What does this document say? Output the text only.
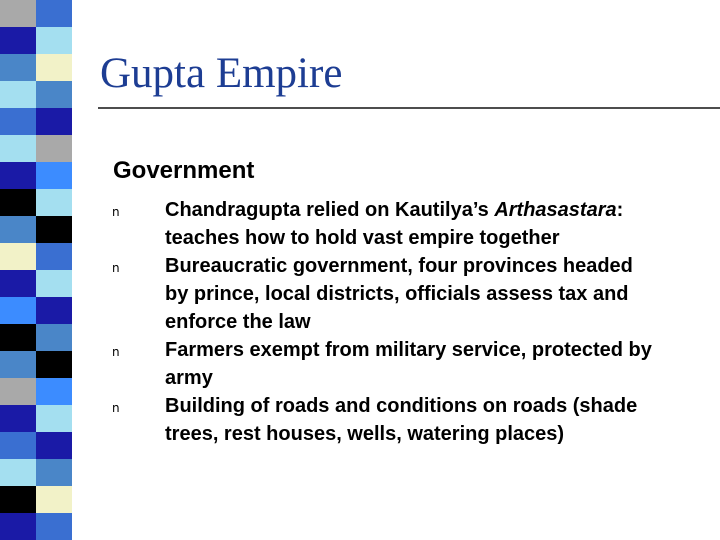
Gupta Empire
Government
n Chandragupta relied on Kautilya’s Arthasastara: teaches how to hold vast empire together
n Bureaucratic government, four provinces headed by prince, local districts, officials assess tax and enforce the law
n Farmers exempt from military service, protected by army
n Building of roads and conditions on roads (shade trees, rest houses, wells, watering places)
